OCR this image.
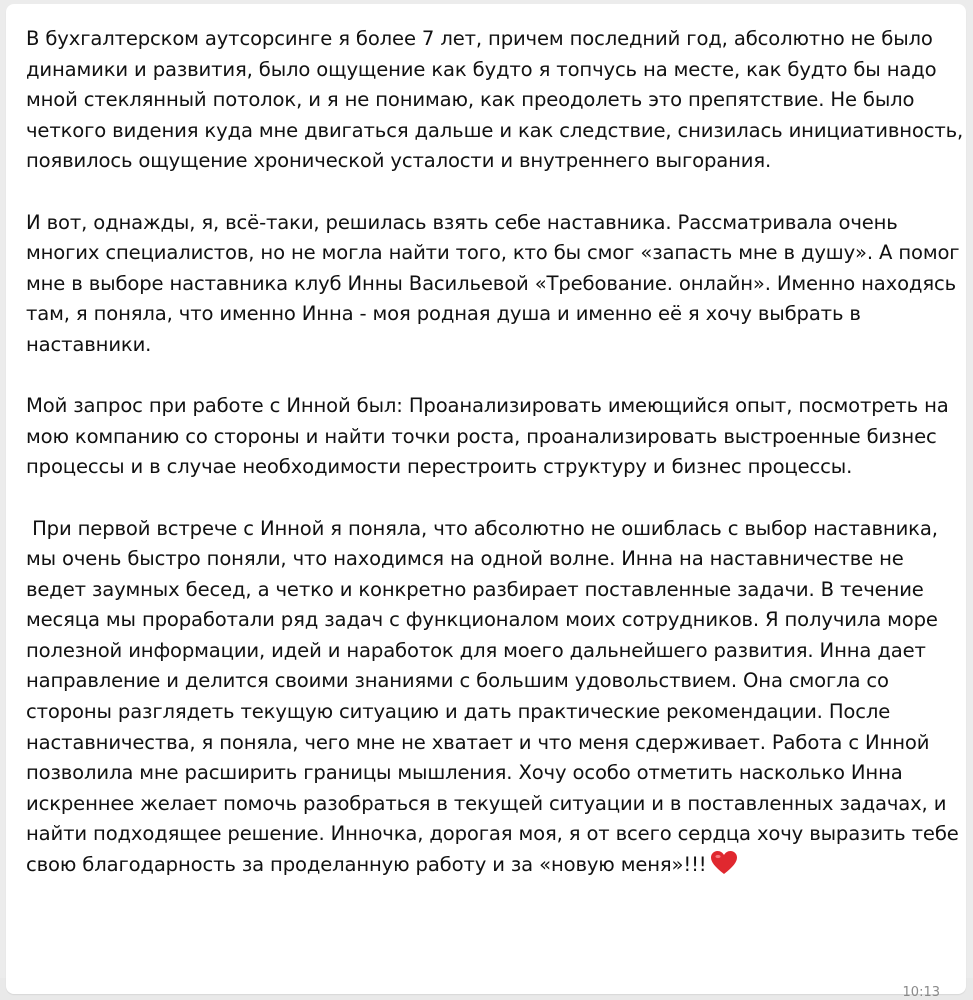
В бухгалтерском аутсорсинге я более 7 лет, причем последний год, абсолютно не было динамики и развития, было ощущение как будто я топчусь на месте, как будто бы надо мной стеклянный потолок, и я не понимаю, как преодолеть это препятствие. Не было четкого видения куда мне двигаться дальше и как следствие, снизилась инициативность, появилось ощущение хронической усталости и внутреннего выгорания.

И вот, однажды, я, всё-таки, решилась взять себе наставника. Рассматривала очень многих специалистов, но не могла найти того, кто бы смог «запасть мне в душу». А помог мне в выборе наставника клуб Инны Васильевой «Требование. онлайн». Именно находясь там, я поняла, что именно Инна - моя родная душа и именно её я хочу выбрать в наставники.

Мой запрос при работе с Инной был: Проанализировать имеющийся опыт, посмотреть на мою компанию со стороны и найти точки роста, проанализировать выстроенные бизнес процессы и в случае необходимости перестроить структуру и бизнес процессы.

При первой встрече с Инной я поняла, что абсолютно не ошиблась с выбор наставника, мы очень быстро поняли, что находимся на одной волне. Инна на наставничестве не ведет заумных бесед, а четко и конкретно разбирает поставленные задачи. В течение месяца мы проработали ряд задач с функционалом моих сотрудников. Я получила море полезной информации, идей и наработок для моего дальнейшего развития. Инна дает направление и делится своими знаниями с большим удовольствием. Она смогла со стороны разглядеть текущую ситуацию и дать практические рекомендации. После наставничества, я поняла, чего мне не хватает и что меня сдерживает. Работа с Инной позволила мне расширить границы мышления. Хочу особо отметить насколько Инна искреннее желает помочь разобраться в текущей ситуации и в поставленных задачах, и найти подходящее решение. Инночка, дорогая моя, я от всего сердца хочу выразить тебе свою благодарность за проделанную работу и за «новую меня»!!!

10:13
